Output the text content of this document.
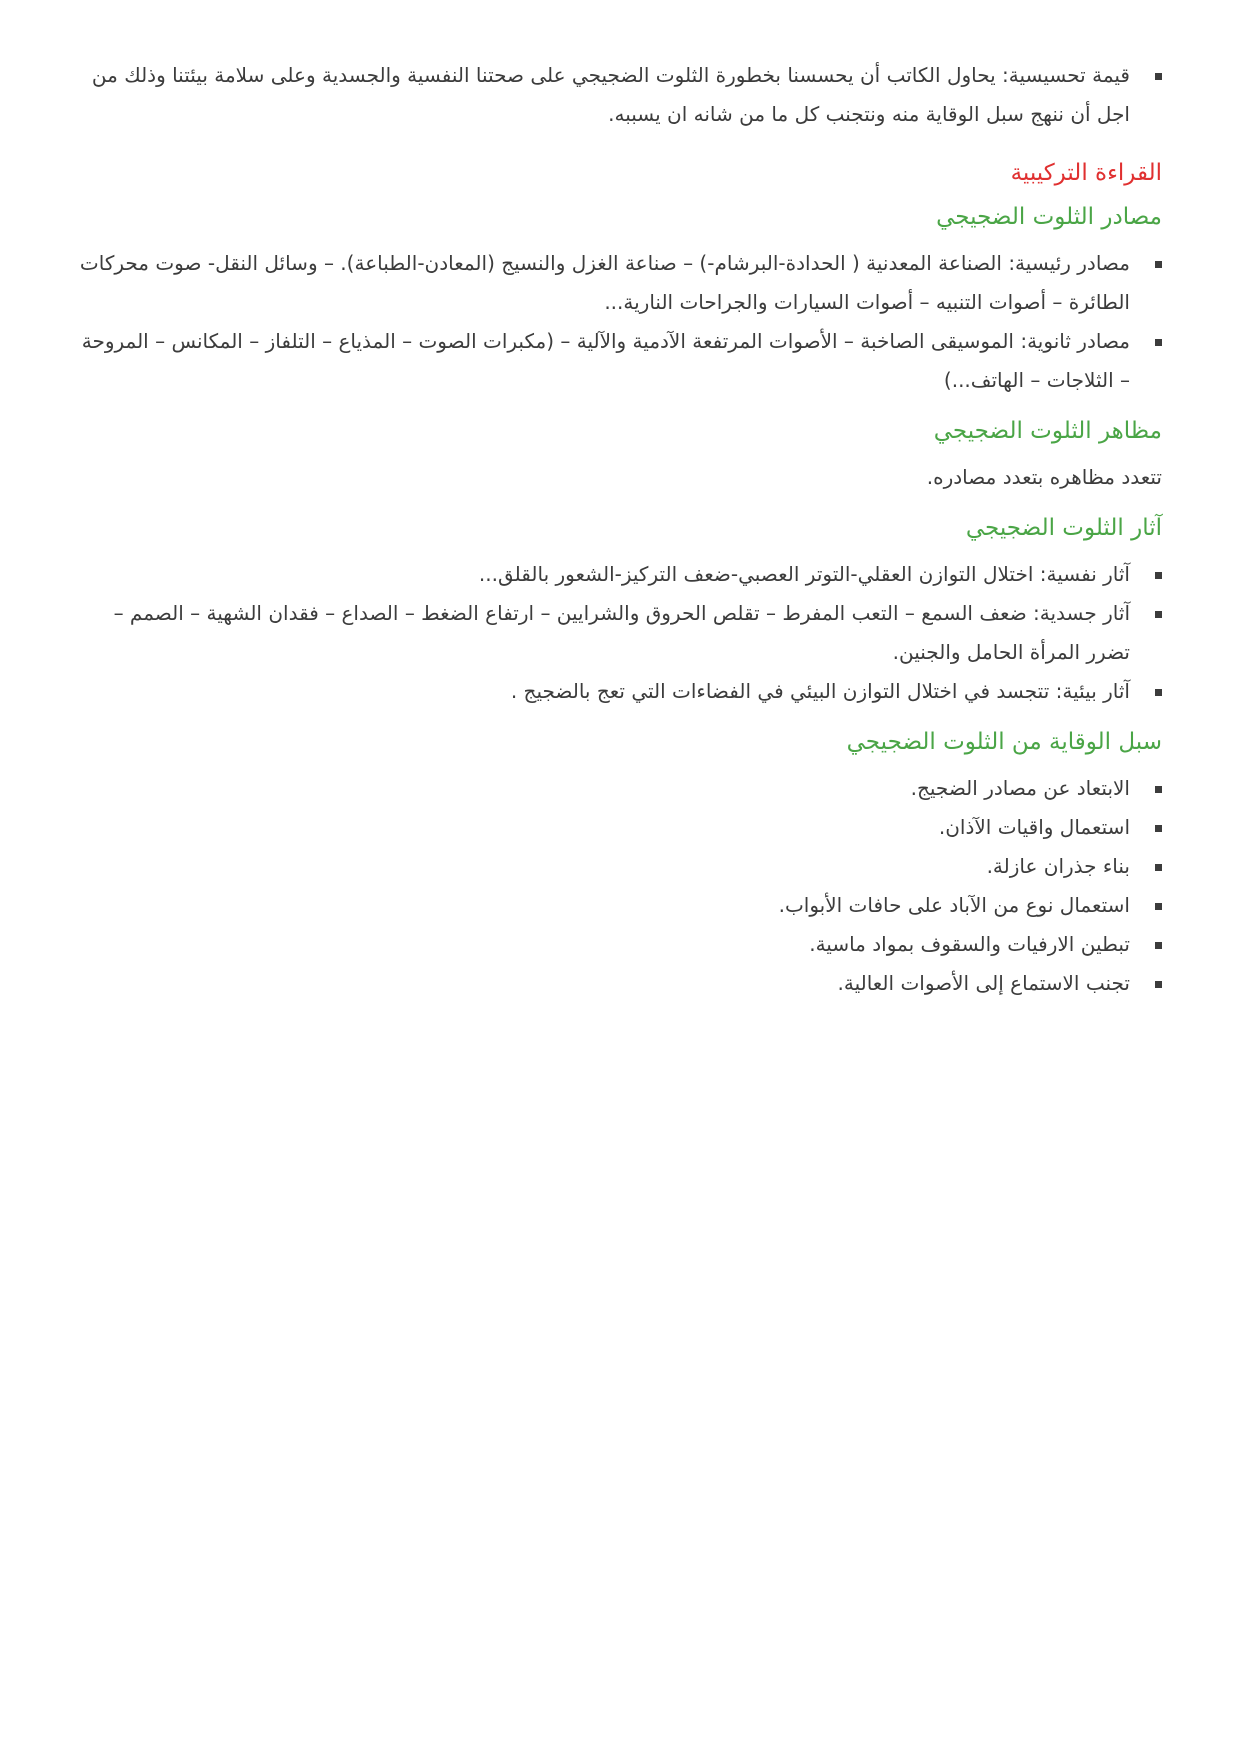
قيمة تحسيسية: يحاول الكاتب أن يحسسنا بخطورة الثلوت الضجيجي على صحتنا النفسية والجسدية وعلى سلامة بيئتنا وذلك من اجل أن ننهج سبل الوقاية منه ونتجنب كل ما من شانه ان يسببه.
القراءة التركيبية
مصادر الثلوت الضجيجي
مصادر رئيسية: الصناعة المعدنية ( الحدادة-البرشام-) – صناعة الغزل والنسيج (المعادن-الطباعة). – وسائل النقل- صوت محركات الطائرة – أصوات التنبيه – أصوات السيارات والجراحات النارية...
مصادر ثانوية: الموسيقى الصاخبة – الأصوات المرتفعة الآدمية والآلية – (مكبرات الصوت – المذياع – التلفاز – المكانس – المروحة – الثلاجات – الهاتف...)
مظاهر الثلوت الضجيجي

تتعدد مظاهره بتعدد مصادره.

آثار الثلوت الضجيجي
آثار نفسية: اختلال التوازن العقلي-التوتر العصبي-ضعف التركيز-الشعور بالقلق...
آثار جسدية: ضعف السمع – التعب المفرط – تقلص الحروق والشرايين – ارتفاع الضغط – الصداع – فقدان الشهية – الصمم – تضرر المرأة الحامل والجنين.
آثار بيئية: تتجسد في اختلال التوازن البيئي في الفضاءات التي تعج بالضجيج .
سبل الوقاية من الثلوت الضجيجي
الابتعاد عن مصادر الضجيج.
استعمال واقيات الآذان.
بناء جذران عازلة.
استعمال نوع من الآباد على حافات الأبواب.
تبطين الارفيات والسقوف بمواد ماسية.
تجنب الاستماع إلى الأصوات العالية.
